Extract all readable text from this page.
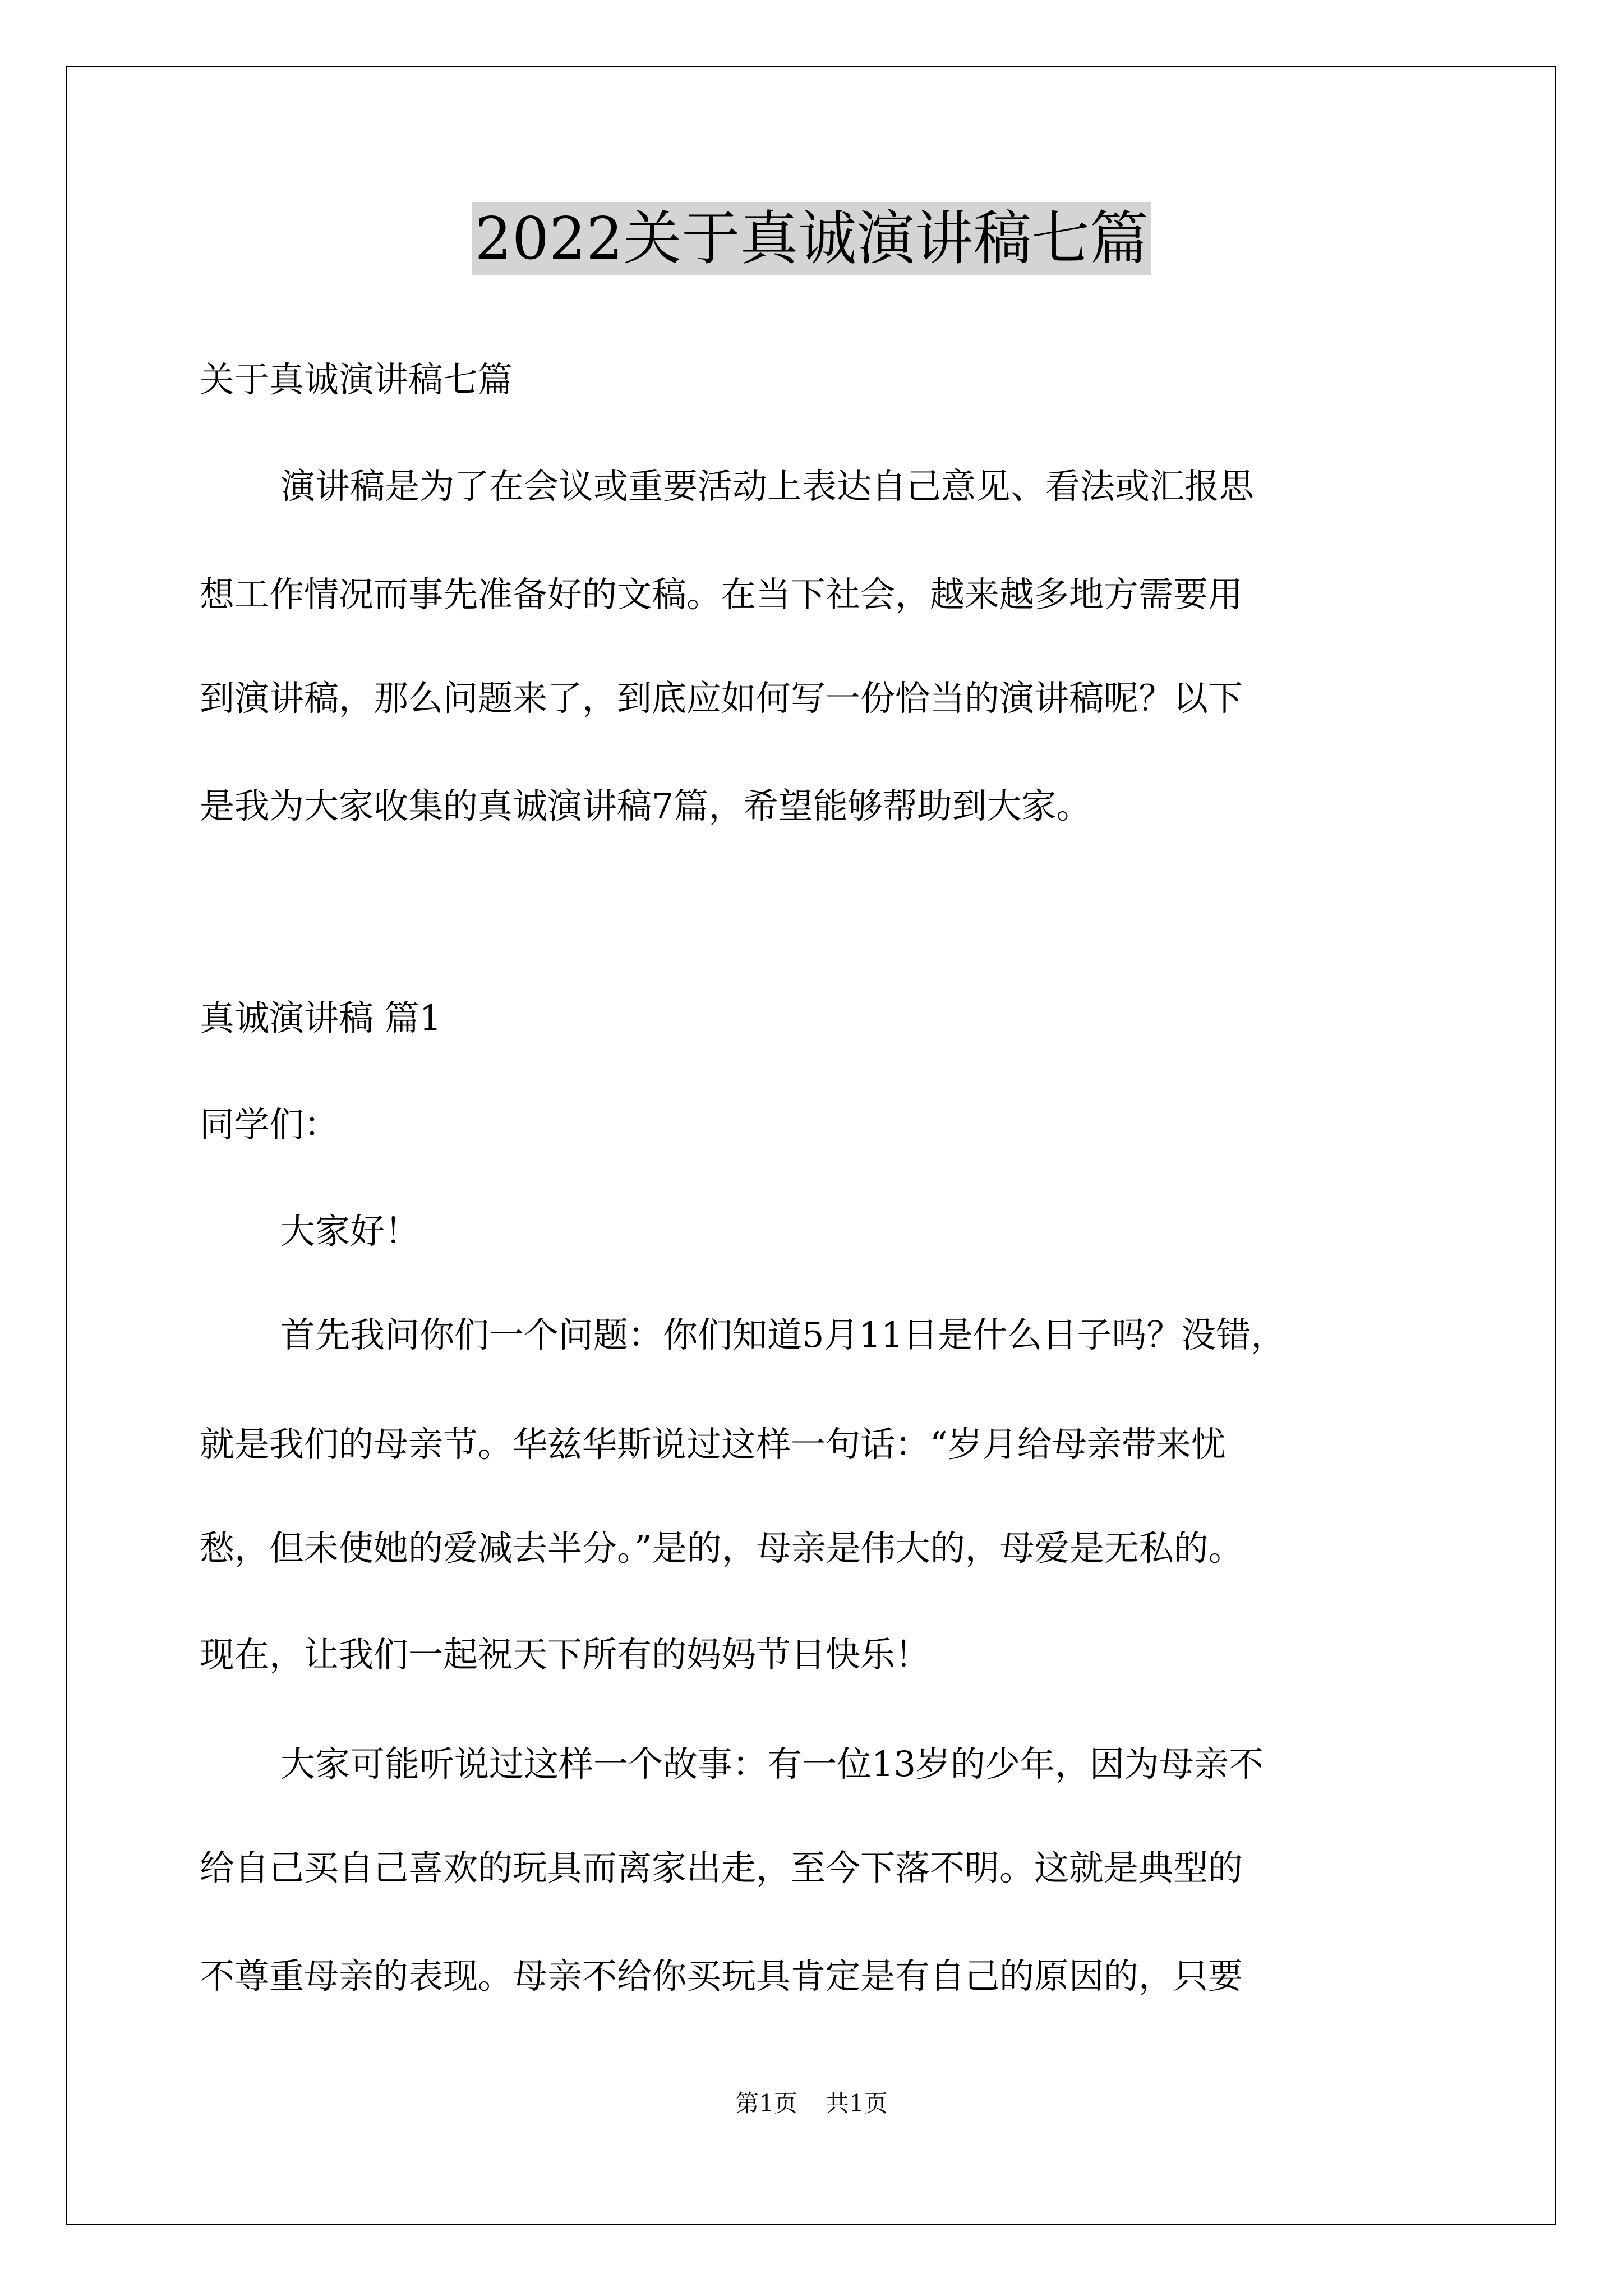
2022关于真诚演讲稿七篇
关于真诚演讲稿七篇
演讲稿是为了在会议或重要活动上表达自己意见、看法或汇报思
想工作情况而事先准备好的文稿。在当下社会，越来越多地方需要用
到演讲稿，那么问题来了，到底应如何写一份恰当的演讲稿呢？以下
是我为大家收集的真诚演讲稿7篇，希望能够帮助到大家。
真诚演讲稿 篇1
同学们：
大家好！
首先我问你们一个问题：你们知道5月11日是什么日子吗？没错，
就是我们的母亲节。华兹华斯说过这样一句话：“岁月给母亲带来忧
愁，但未使她的爱减去半分。”是的，母亲是伟大的，母爱是无私的。
现在，让我们一起祝天下所有的妈妈节日快乐！
大家可能听说过这样一个故事：有一位13岁的少年，因为母亲不
给自己买自己喜欢的玩具而离家出走，至今下落不明。这就是典型的
不尊重母亲的表现。母亲不给你买玩具肯定是有自己的原因的，只要
第1页 共1页
